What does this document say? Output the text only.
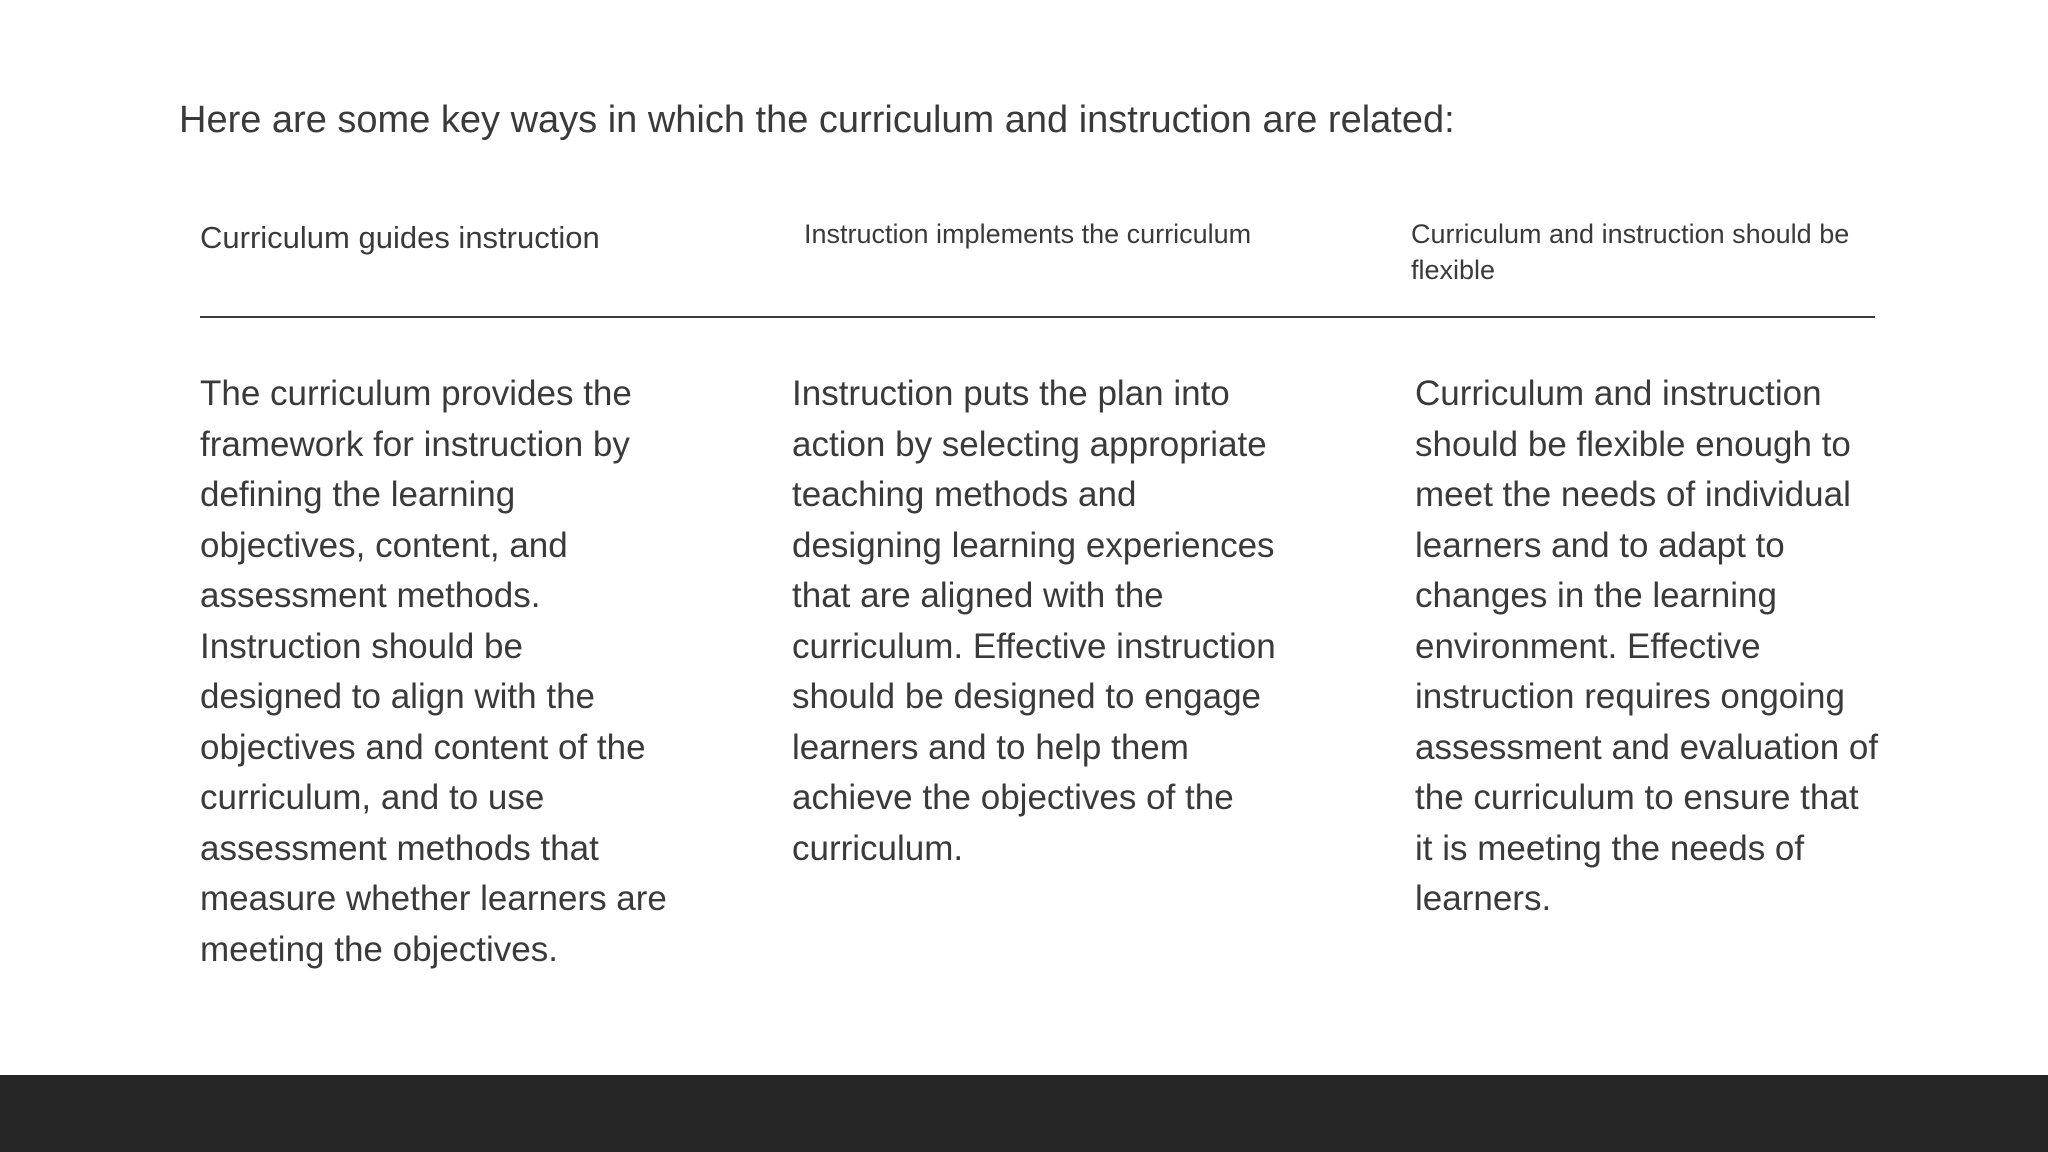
Here are some key ways in which the curriculum and instruction are related:
Curriculum guides instruction	Instruction implements the curriculum	Curriculum and instruction should be flexible
The curriculum provides the framework for instruction by defining the learning objectives, content, and assessment methods. Instruction should be designed to align with the objectives and content of the curriculum, and to use assessment methods that measure whether learners are meeting the objectives.
Instruction puts the plan into action by selecting appropriate teaching methods and designing learning experiences that are aligned with the curriculum. Effective instruction should be designed to engage learners and to help them achieve the objectives of the curriculum.
Curriculum and instruction should be flexible enough to meet the needs of individual learners and to adapt to changes in the learning environment. Effective instruction requires ongoing assessment and evaluation of the curriculum to ensure that it is meeting the needs of learners.
